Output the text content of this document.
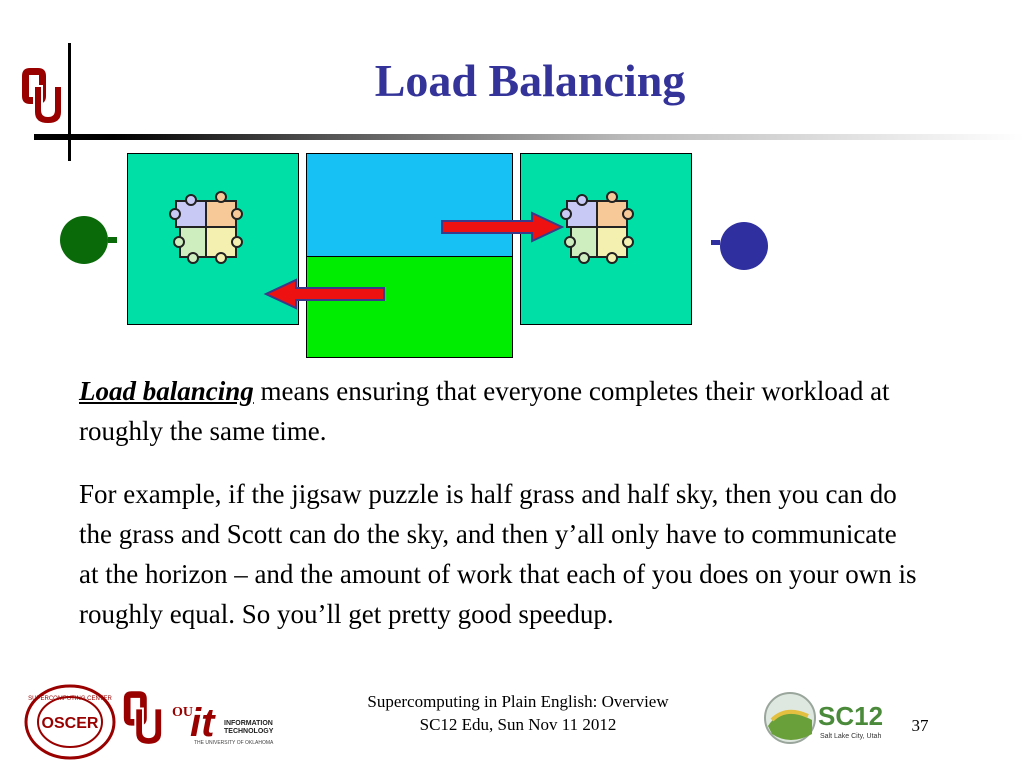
Load Balancing
Load balancing means ensuring that everyone completes their workload at roughly the same time.
For example, if the jigsaw puzzle is half grass and half sky, then you can do the grass and Scott can do the sky, and then y’all only have to communicate at the horizon – and the amount of work that each of you does on your own is roughly equal. So you’ll get pretty good speedup.
SUPERCOMPUTING CENTER
OSCER
OU
it INFORMATION
TECHNOLOGY
THE UNIVERSITY OF OKLAHOMA
Supercomputing in Plain English: Overview
SC12 Edu, Sun Nov 11 2012	SC12
Salt Lake City, Utah
37
